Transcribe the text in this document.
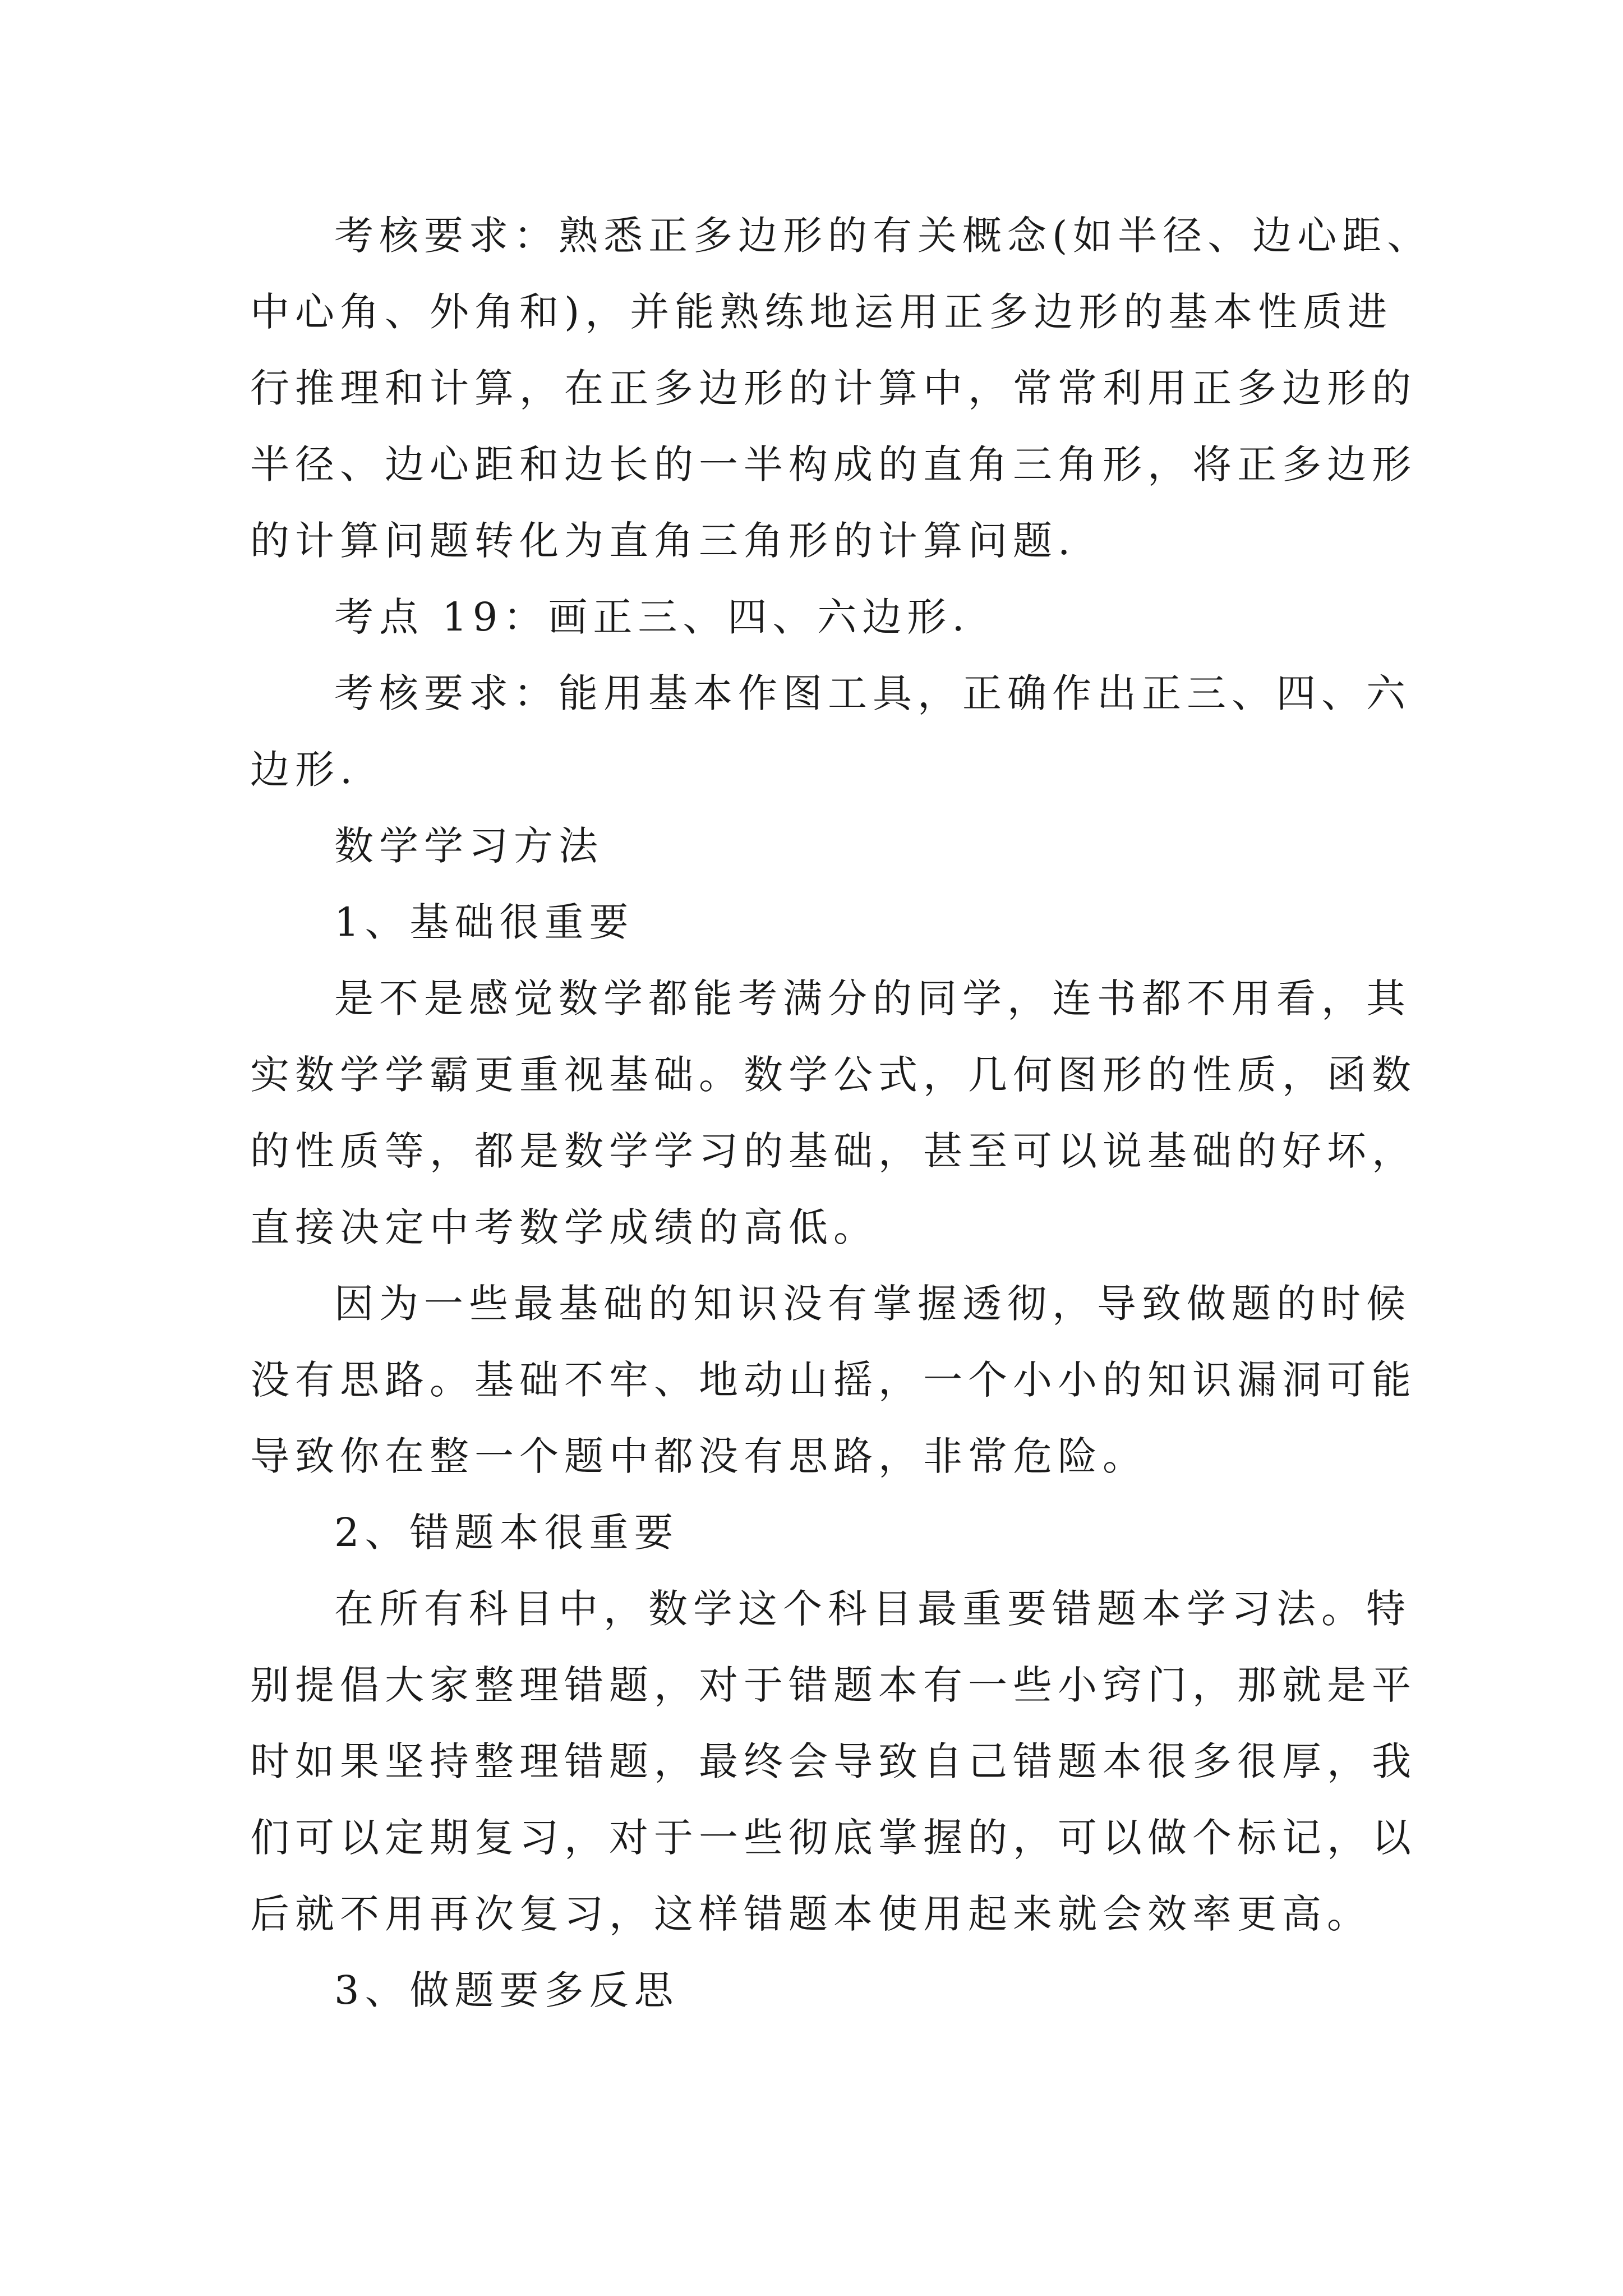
考核要求：熟悉正多边形的有关概念(如半径、边心距、
中心角、外角和)，并能熟练地运用正多边形的基本性质进
行推理和计算，在正多边形的计算中，常常利用正多边形的
半径、边心距和边长的一半构成的直角三角形，将正多边形
的计算问题转化为直角三角形的计算问题.

考点 19：画正三、四、六边形.

考核要求：能用基本作图工具，正确作出正三、四、六
边形.

数学学习方法

1、基础很重要

是不是感觉数学都能考满分的同学，连书都不用看，其
实数学学霸更重视基础。数学公式，几何图形的性质，函数
的性质等，都是数学学习的基础，甚至可以说基础的好坏，
直接决定中考数学成绩的高低。

因为一些最基础的知识没有掌握透彻，导致做题的时候
没有思路。基础不牢、地动山摇，一个小小的知识漏洞可能
导致你在整一个题中都没有思路，非常危险。

2、错题本很重要

在所有科目中，数学这个科目最重要错题本学习法。特
别提倡大家整理错题，对于错题本有一些小窍门，那就是平
时如果坚持整理错题，最终会导致自己错题本很多很厚，我
们可以定期复习，对于一些彻底掌握的，可以做个标记，以
后就不用再次复习，这样错题本使用起来就会效率更高。

3、做题要多反思
